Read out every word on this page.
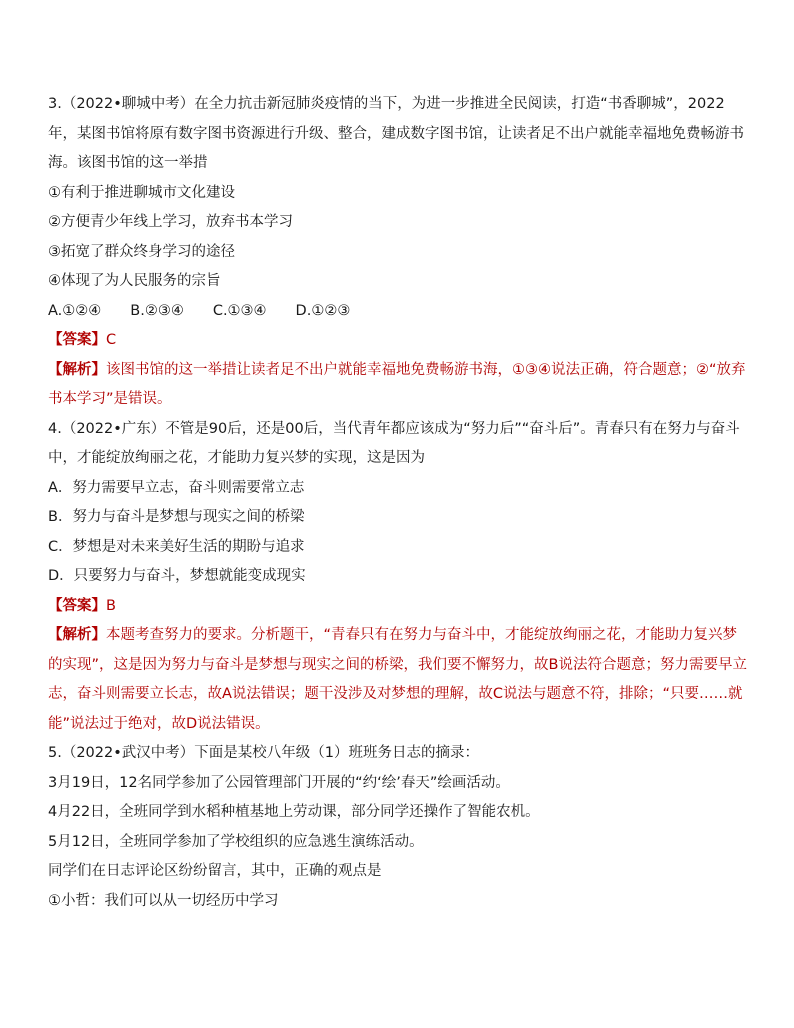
3.（2022•聊城中考）在全力抗击新冠肺炎疫情的当下，为进一步推进全民阅读，打造“书香聊城”，2022年，某图书馆将原有数字图书资源进行升级、整合，建成数字图书馆，让读者足不出户就能幸福地免费畅游书海。该图书馆的这一举措

①有利于推进聊城市文化建设

②方便青少年线上学习，放弃书本学习

③拓宽了群众终身学习的途径

④体现了为人民服务的宗旨

A.①②④　　B.②③④　　C.①③④　　D.①②③

【答案】C

【解析】该图书馆的这一举措让读者足不出户就能幸福地免费畅游书海，①③④说法正确，符合题意；②“放弃书本学习”是错误。

4.（2022•广东）不管是90后，还是00后，当代青年都应该成为“努力后”“奋斗后”。青春只有在努力与奋斗中，才能绽放绚丽之花，才能助力复兴梦的实现，这是因为

A．努力需要早立志，奋斗则需要常立志

B．努力与奋斗是梦想与现实之间的桥梁

C．梦想是对未来美好生活的期盼与追求

D．只要努力与奋斗，梦想就能变成现实

【答案】B

【解析】本题考查努力的要求。分析题干，“青春只有在努力与奋斗中，才能绽放绚丽之花，才能助力复兴梦的实现”，这是因为努力与奋斗是梦想与现实之间的桥梁，我们要不懈努力，故B说法符合题意；努力需要早立志，奋斗则需要立长志，故A说法错误；题干没涉及对梦想的理解，故C说法与题意不符，排除；“只要……就能”说法过于绝对，故D说法错误。

5.（2022•武汉中考）下面是某校八年级（1）班班务日志的摘录：

3月19日，12名同学参加了公园管理部门开展的“约‘绘’春天”绘画活动。

4月22日，全班同学到水稻种植基地上劳动课，部分同学还操作了智能农机。

5月12日，全班同学参加了学校组织的应急逃生演练活动。

同学们在日志评论区纷纷留言，其中，正确的观点是

①小哲：我们可以从一切经历中学习
